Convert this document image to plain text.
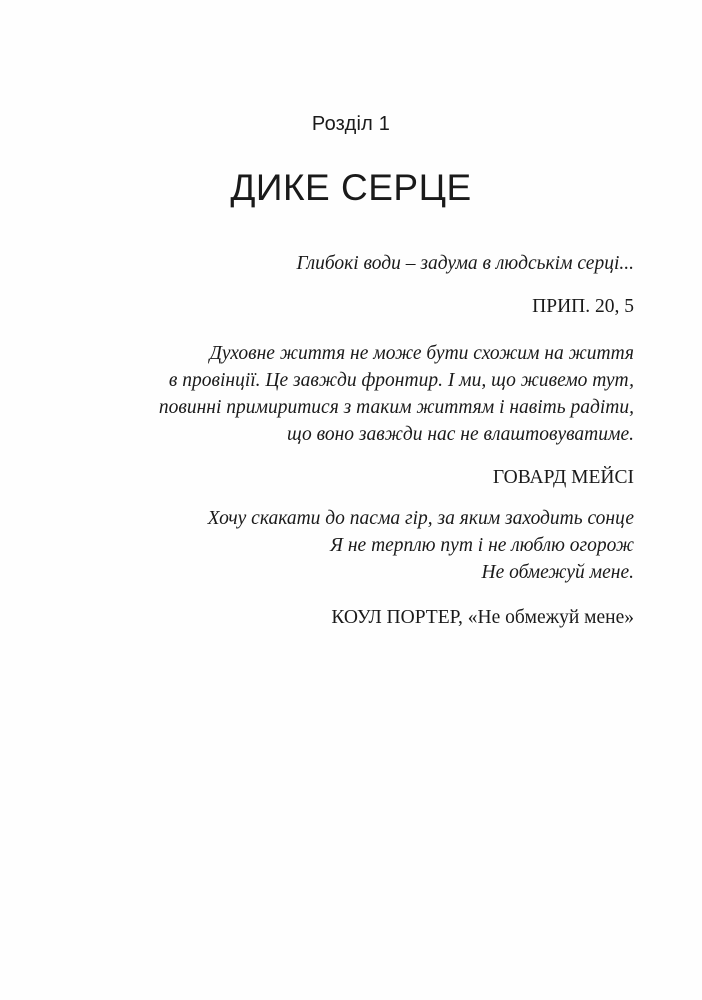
Розділ 1
ДИКЕ СЕРЦЕ
Глибокі води – задума в людськім серці...
ПРИП. 20, 5
Духовне життя не може бути схожим на життя
в провінції. Це завжди фронтир. І ми, що живемо тут,
повинні примиритися з таким життям і навіть радіти,
що воно завжди нас не влаштовуватиме.
ГОВАРД МЕЙСІ
Хочу скакати до пасма гір, за яким заходить сонце
Я не терплю пут і не люблю огорож
Не обмежуй мене.
КОУЛ ПОРТЕР, «Не обмежуй мене»
